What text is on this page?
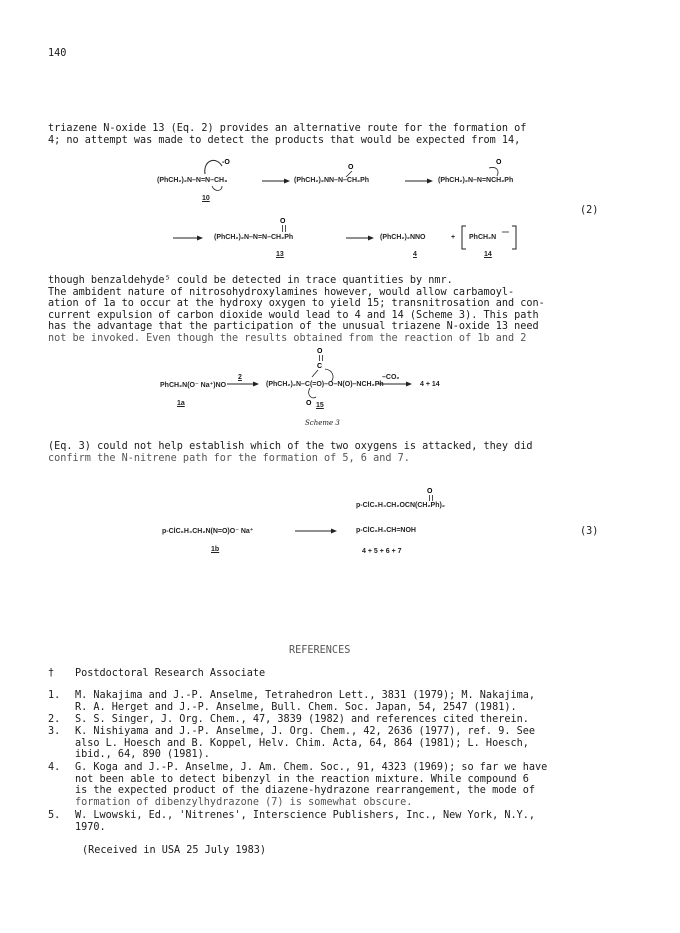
140

triazene N-oxide 13 (Eq. 2) provides an alternative route for the formation of

4; no attempt was made to detect the products that would be expected from 14,

-O
O
O
O
(PhCH₂)₂N–N=N–CH₃
10
(PhCH₂)₂NN–N–CH₂Ph	(PhCH₂)₂N–N=NCH₂Ph
(2)
(PhCH₂)₂N–N=N–CH₂Ph
13
(PhCH₂)₂NNO	+
4
PhCH₂N
14

though benzaldehyde⁵ could be detected in trace quantities by nmr.

The ambident nature of nitrosohydroxylamines however, would allow carbamoyl-

ation of 1a to occur at the hydroxy oxygen to yield 15; transnitrosation and con-

current expulsion of carbon dioxide would lead to 4 and 14 (Scheme 3). This path

has the advantage that the participation of the unusual triazene N-oxide 13 need

not be invoked. Even though the results obtained from the reaction of 1b and 2

O
C
O
PhCH₂N(O⁻ Na⁺)NO
1a
2
(PhCH₂)₂N–C(=O)–O–N(O)–NCH₂Ph
15
–CO₂
4 + 14
Scheme 3

(Eq. 3) could not help establish which of the two oxygens is attacked, they did

confirm the N-nitrene path for the formation of 5, 6 and 7.

O
p-ClC₆H₄CH₂N(N=O)O⁻ Na⁺
1b
p-ClC₆H₄CH₂OCN(CH₂Ph)₂
p-ClC₆H₄CH=NOH
4 + 5 + 6 + 7
(3)
REFERENCES
† Postdoctoral Research Associate
1. M. Nakajima and J.-P. Anselme, Tetrahedron Lett., 3831 (1979); M. Nakajima,
R. A. Herget and J.-P. Anselme, Bull. Chem. Soc. Japan, 54, 2547 (1981).
2. S. S. Singer, J. Org. Chem., 47, 3839 (1982) and references cited therein.
3. K. Nishiyama and J.-P. Anselme, J. Org. Chem., 42, 2636 (1977), ref. 9. See
also L. Hoesch and B. Koppel, Helv. Chim. Acta, 64, 864 (1981); L. Hoesch,
ibid., 64, 890 (1981).
4. G. Koga and J.-P. Anselme, J. Am. Chem. Soc., 91, 4323 (1969); so far we have
not been able to detect bibenzyl in the reaction mixture. While compound 6
is the expected product of the diazene-hydrazone rearrangement, the mode of
formation of dibenzylhydrazone (7) is somewhat obscure.
5. W. Lwowski, Ed., 'Nitrenes', Interscience Publishers, Inc., New York, N.Y.,
1970.
(Received in USA 25 July 1983)
